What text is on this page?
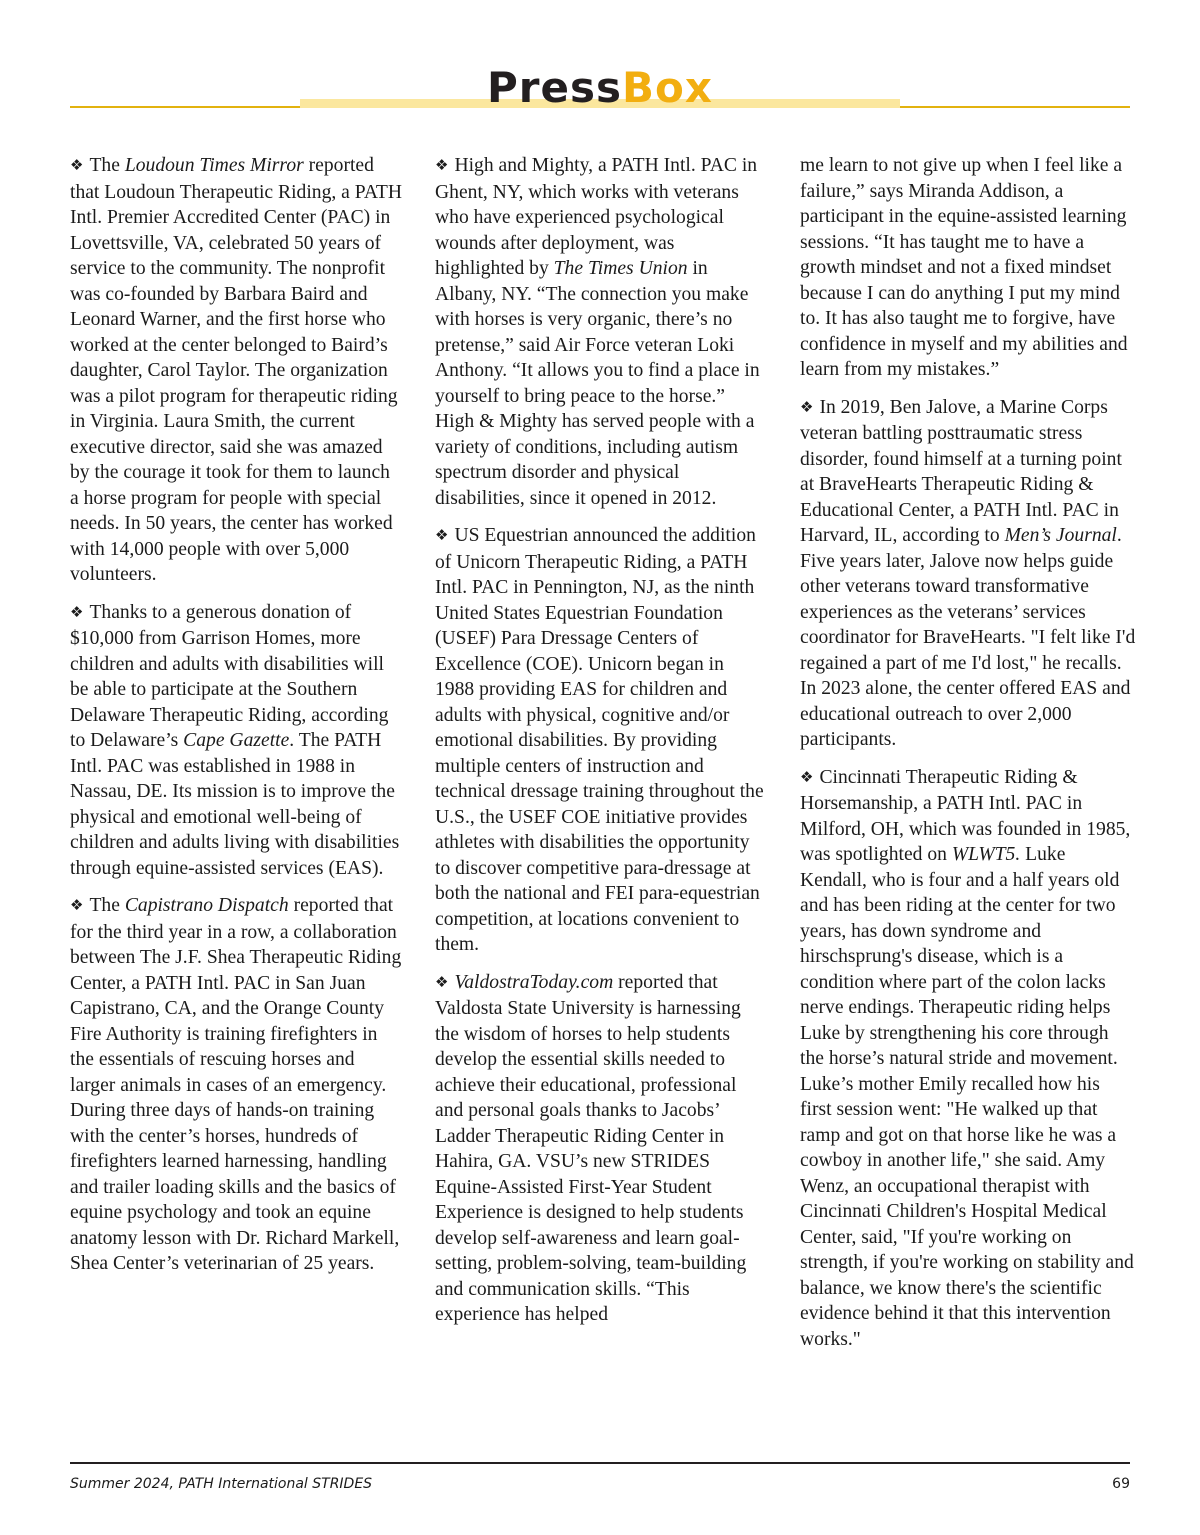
PressBox

❖ The Loudoun Times Mirror reported that Loudoun Therapeutic Riding, a PATH Intl. Premier Accredited Center (PAC) in Lovettsville, VA, celebrated 50 years of service to the community. The nonprofit was co-founded by Barbara Baird and Leonard Warner, and the first horse who worked at the center belonged to Baird’s daughter, Carol Taylor. The organization was a pilot program for therapeutic riding in Virginia. Laura Smith, the current executive director, said she was amazed by the courage it took for them to launch a horse program for people with special needs. In 50 years, the center has worked with 14,000 people with over 5,000 volunteers.

❖ Thanks to a generous donation of $10,000 from Garrison Homes, more children and adults with disabilities will be able to participate at the Southern Delaware Therapeutic Riding, according to Delaware’s Cape Gazette. The PATH Intl. PAC was established in 1988 in Nassau, DE. Its mission is to improve the physical and emotional well-being of children and adults living with disabilities through equine-assisted services (EAS).

❖ The Capistrano Dispatch reported that for the third year in a row, a collaboration between The J.F. Shea Therapeutic Riding Center, a PATH Intl. PAC in San Juan Capistrano, CA, and the Orange County Fire Authority is training firefighters in the essentials of rescuing horses and larger animals in cases of an emergency. During three days of hands-on training with the center’s horses, hundreds of firefighters learned harnessing, handling and trailer loading skills and the basics of equine psychology and took an equine anatomy lesson with Dr. Richard Markell, Shea Center’s veterinarian of 25 years.

❖ High and Mighty, a PATH Intl. PAC in Ghent, NY, which works with veterans who have experienced psychological wounds after deployment, was highlighted by The Times Union in Albany, NY. “The connection you make with horses is very organic, there’s no pretense,” said Air Force veteran Loki Anthony. “It allows you to find a place in yourself to bring peace to the horse.” High & Mighty has served people with a variety of conditions, including autism spectrum disorder and physical disabilities, since it opened in 2012.

❖ US Equestrian announced the addition of Unicorn Therapeutic Riding, a PATH Intl. PAC in Pennington, NJ, as the ninth United States Equestrian Foundation (USEF) Para Dressage Centers of Excellence (COE). Unicorn began in 1988 providing EAS for children and adults with physical, cognitive and/or emotional disabilities. By providing multiple centers of instruction and technical dressage training throughout the U.S., the USEF COE initiative provides athletes with disabilities the opportunity to discover competitive para-dressage at both the national and FEI para-equestrian competition, at locations convenient to them.

❖ ValdostraToday.com reported that Valdosta State University is harnessing the wisdom of horses to help students develop the essential skills needed to achieve their educational, professional and personal goals thanks to Jacobs’ Ladder Therapeutic Riding Center in Hahira, GA. VSU’s new STRIDES Equine-Assisted First-Year Student Experience is designed to help students develop self-awareness and learn goal-setting, problem-solving, team-building and communication skills. “This experience has helped

me learn to not give up when I feel like a failure,” says Miranda Addison, a participant in the equine-assisted learning sessions. “It has taught me to have a growth mindset and not a fixed mindset because I can do anything I put my mind to. It has also taught me to forgive, have confidence in myself and my abilities and learn from my mistakes.”

❖ In 2019, Ben Jalove, a Marine Corps veteran battling posttraumatic stress disorder, found himself at a turning point at BraveHearts Therapeutic Riding & Educational Center, a PATH Intl. PAC in Harvard, IL, according to Men’s Journal. Five years later, Jalove now helps guide other veterans toward transformative experiences as the veterans’ services coordinator for BraveHearts. "I felt like I'd regained a part of me I'd lost," he recalls. In 2023 alone, the center offered EAS and educational outreach to over 2,000 participants.

❖ Cincinnati Therapeutic Riding & Horsemanship, a PATH Intl. PAC in Milford, OH, which was founded in 1985, was spotlighted on WLWT5. Luke Kendall, who is four and a half years old and has been riding at the center for two years, has down syndrome and hirschsprung's disease, which is a condition where part of the colon lacks nerve endings. Therapeutic riding helps Luke by strengthening his core through the horse’s natural stride and movement. Luke’s mother Emily recalled how his first session went: "He walked up that ramp and got on that horse like he was a cowboy in another life," she said. Amy Wenz, an occupational therapist with Cincinnati Children's Hospital Medical Center, said, "If you're working on strength, if you're working on stability and balance, we know there's the scientific evidence behind it that this intervention works."

Summer 2024, PATH International STRIDES	69
